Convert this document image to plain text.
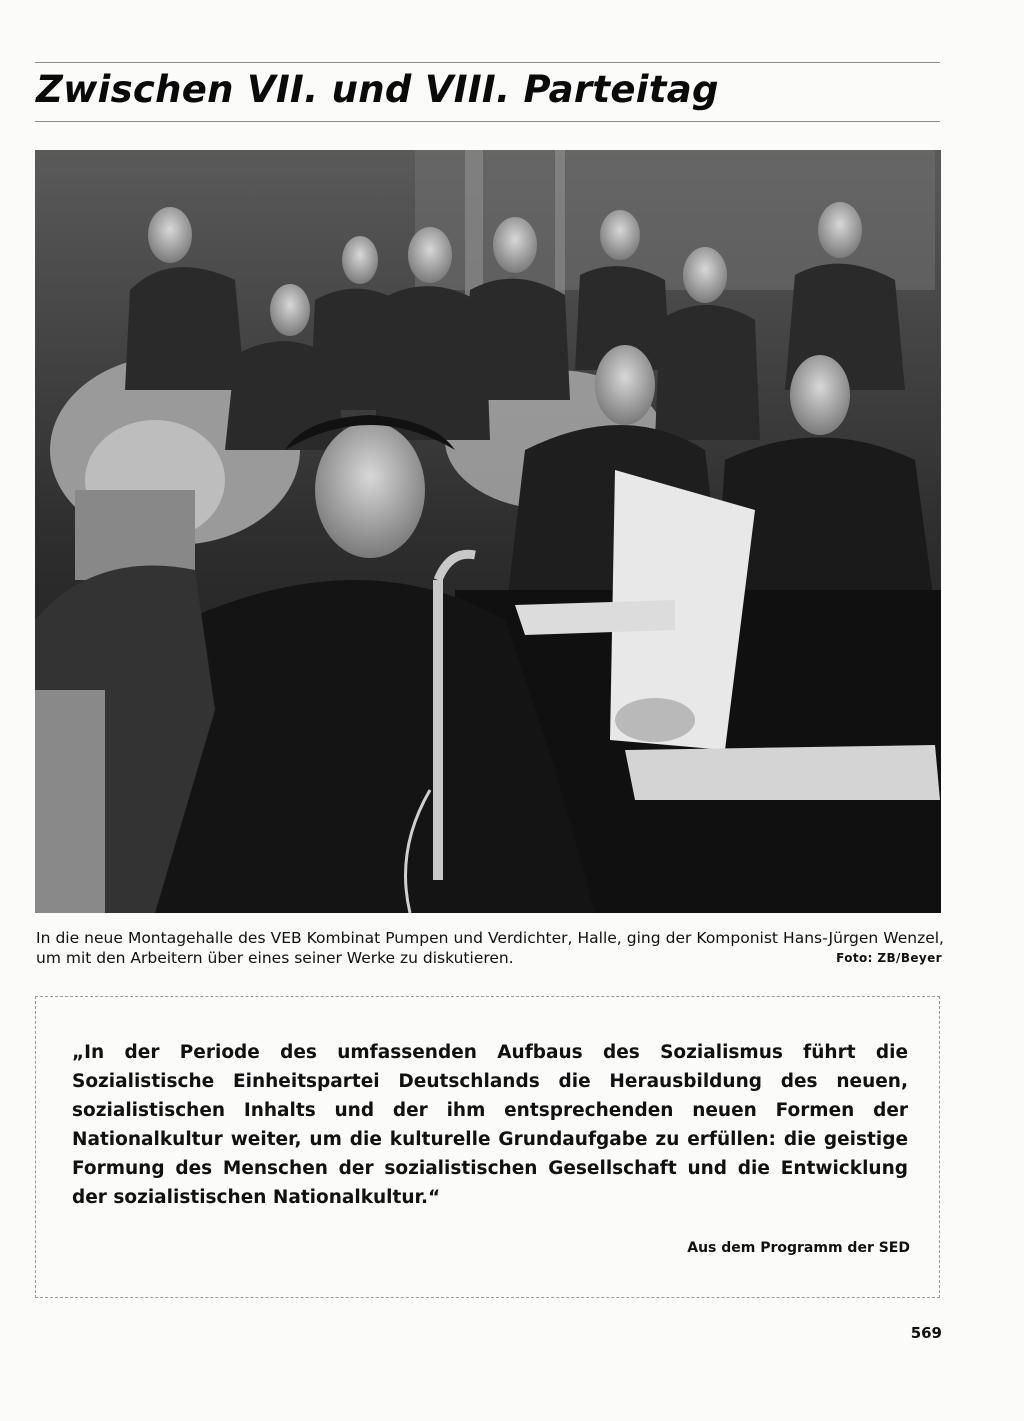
Zwischen VII. und VIII. Parteitag
In die neue Montagehalle des VEB Kombinat Pumpen und Verdichter, Halle, ging der Komponist Hans-Jürgen Wenzel, um mit den Arbeitern über eines seiner Werke zu diskutieren.	Foto: ZB/Beyer

„In der Periode des umfassenden Aufbaus des Sozialismus führt die Sozialistische Einheitspartei Deutschlands die Herausbildung des neuen, sozialistischen Inhalts und der ihm entsprechenden neuen Formen der Nationalkultur weiter, um die kulturelle Grundaufgabe zu erfüllen: die geistige Formung des Menschen der sozialistischen Gesellschaft und die Entwicklung der sozialistischen Nationalkultur.“

Aus dem Programm der SED
569
